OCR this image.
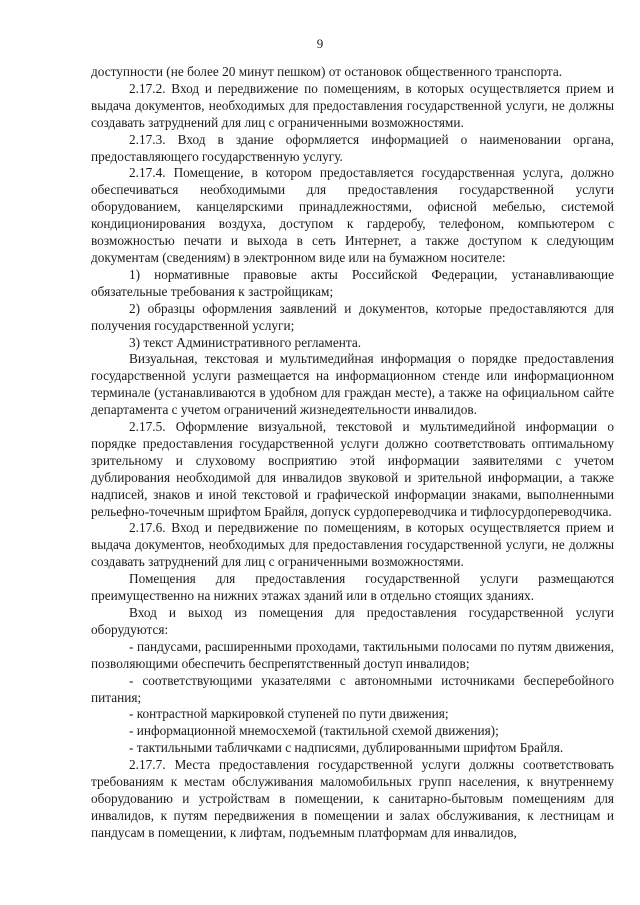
9

доступности (не более 20 минут пешком) от остановок общественного транспорта.

2.17.2. Вход и передвижение по помещениям, в которых осуществляется прием и выдача документов, необходимых для предоставления государственной услуги, не должны создавать затруднений для лиц с ограниченными возможностями.

2.17.3. Вход в здание оформляется информацией о наименовании органа, предоставляющего государственную услугу.

2.17.4. Помещение, в котором предоставляется государственная услуга, должно обеспечиваться необходимыми для предоставления государственной услуги оборудованием, канцелярскими принадлежностями, офисной мебелью, системой кондиционирования воздуха, доступом к гардеробу, телефоном, компьютером с возможностью печати и выхода в сеть Интернет, а также доступом к следующим документам (сведениям) в электронном виде или на бумажном носителе:

1) нормативные правовые акты Российской Федерации, устанавливающие обязательные требования к застройщикам;

2) образцы оформления заявлений и документов, которые предоставляются для получения государственной услуги;

3) текст Административного регламента.

Визуальная, текстовая и мультимедийная информация о порядке предоставления государственной услуги размещается на информационном стенде или информационном терминале (устанавливаются в удобном для граждан месте), а также на официальном сайте департамента с учетом ограничений жизнедеятельности инвалидов.

2.17.5. Оформление визуальной, текстовой и мультимедийной информации о порядке предоставления государственной услуги должно соответствовать оптимальному зрительному и слуховому восприятию этой информации заявителями с учетом дублирования необходимой для инвалидов звуковой и зрительной информации, а также надписей, знаков и иной текстовой и графической информации знаками, выполненными рельефно-точечным шрифтом Брайля, допуск сурдопереводчика и тифлосурдопереводчика.

2.17.6. Вход и передвижение по помещениям, в которых осуществляется прием и выдача документов, необходимых для предоставления государственной услуги, не должны создавать затруднений для лиц с ограниченными возможностями.

Помещения для предоставления государственной услуги размещаются преимущественно на нижних этажах зданий или в отдельно стоящих зданиях.

Вход и выход из помещения для предоставления государственной услуги оборудуются:

- пандусами, расширенными проходами, тактильными полосами по путям движения, позволяющими обеспечить беспрепятственный доступ инвалидов;

- соответствующими указателями с автономными источниками бесперебойного питания;

- контрастной маркировкой ступеней по пути движения;

- информационной мнемосхемой (тактильной схемой движения);

- тактильными табличками с надписями, дублированными шрифтом Брайля.

2.17.7. Места предоставления государственной услуги должны соответствовать требованиям к местам обслуживания маломобильных групп населения, к внутреннему оборудованию и устройствам в помещении, к санитарно-бытовым помещениям для инвалидов, к путям передвижения в помещении и залах обслуживания, к лестницам и пандусам в помещении, к лифтам, подъемным платформам для инвалидов,
